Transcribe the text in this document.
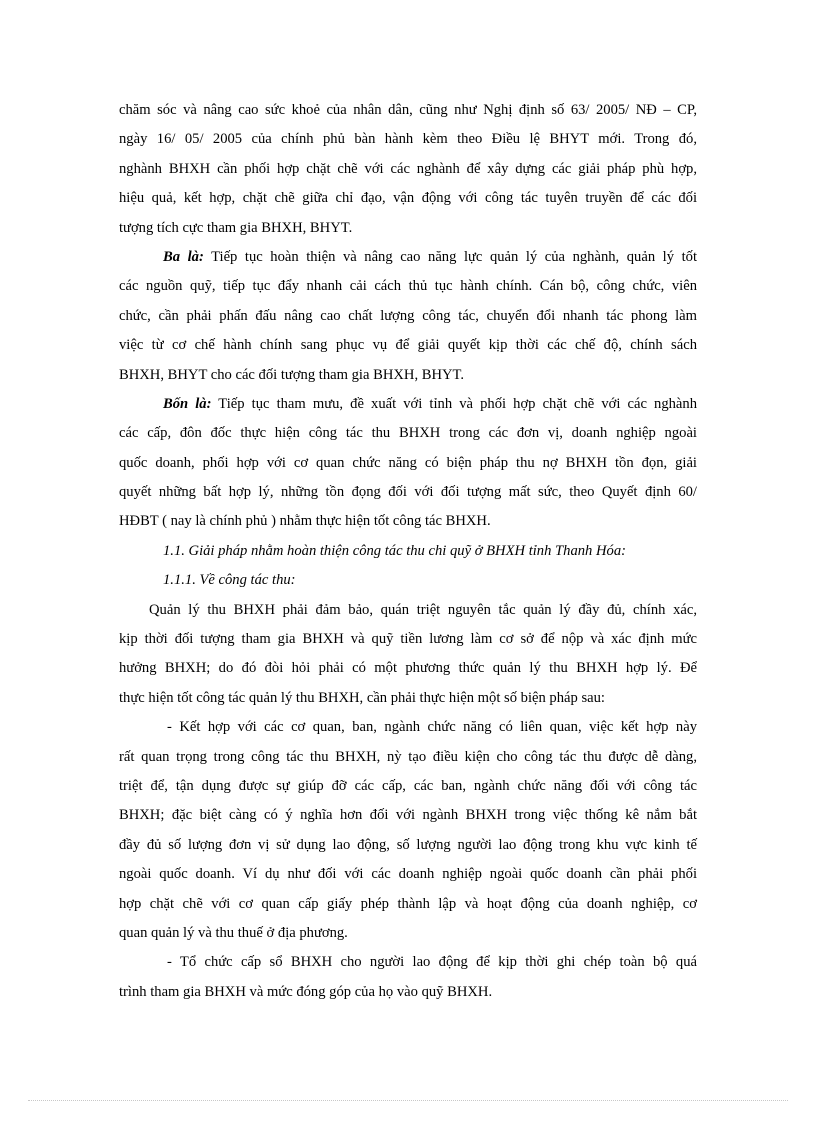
chăm sóc và nâng cao sức khoẻ của nhân dân, cũng như Nghị định số 63/ 2005/ NĐ – CP,
ngày 16/ 05/ 2005 của chính phủ bàn hành kèm theo Điều lệ BHYT mới. Trong đó,
nghành BHXH cần phối hợp chặt chẽ với các nghành để xây dựng các giải pháp phù hợp,
hiệu quả, kết hợp, chặt chẽ giữa chỉ đạo, vận động với công tác tuyên truyền để các đối
tượng tích cực tham gia BHXH, BHYT.
Ba là: Tiếp tục hoàn thiện và nâng cao năng lực quản lý của nghành, quản lý tốt
các nguồn quỹ, tiếp tục đẩy nhanh cải cách thủ tục hành chính. Cán bộ, công chức, viên
chức, cần phải phấn đấu nâng cao chất lượng công tác, chuyển đổi nhanh tác phong làm
việc từ cơ chế hành chính sang phục vụ để giải quyết kịp thời các chế độ, chính sách
BHXH, BHYT cho các đối tượng tham gia BHXH, BHYT.
Bốn là: Tiếp tục tham mưu, đề xuất với tỉnh và phối hợp chặt chẽ với các nghành
các cấp, đôn đốc thực hiện công tác thu BHXH trong các đơn vị, doanh nghiệp ngoài
quốc doanh, phối hợp với cơ quan chức năng có biện pháp thu nợ BHXH tồn đọn, giải
quyết những bất hợp lý, những tồn đọng đối với đối tượng mất sức, theo Quyết định 60/
HĐBT ( nay là chính phủ ) nhằm thực hiện tốt công tác BHXH.
1.1. Giải pháp nhằm hoàn thiện công tác thu chi quỹ ở BHXH tỉnh Thanh Hóa:
1.1.1. Về công tác thu:
Quản lý thu BHXH phải đảm bảo, quán triệt nguyên tắc quản lý đầy đủ, chính xác,
kịp thời đối tượng tham gia BHXH và quỹ tiền lương làm cơ sở để nộp và xác định mức
hưởng BHXH; do đó đòi hỏi phải có một phương thức quản lý thu BHXH hợp lý. Để
thực hiện tốt công tác quản lý thu BHXH, cần phải thực hiện một số biện pháp sau:
- Kết hợp với các cơ quan, ban, ngành chức năng có liên quan, việc kết hợp này
rất quan trọng trong công tác thu BHXH, nỳ tạo điều kiện cho công tác thu được dễ dàng,
triệt để, tận dụng được sự giúp đỡ các cấp, các ban, ngành chức năng đối với công tác
BHXH; đặc biệt càng có ý nghĩa hơn đối với ngành BHXH trong việc thống kê nắm bắt
đầy đủ số lượng đơn vị sử dụng lao động, số lượng người lao động trong khu vực kinh tế
ngoài quốc doanh. Ví dụ như đối với các doanh nghiệp ngoài quốc doanh cần phải phối
hợp chặt chẽ với cơ quan cấp giấy phép thành lập và hoạt động của doanh nghiệp, cơ
quan quản lý và thu thuế ở địa phương.
- Tổ chức cấp sổ BHXH cho người lao động để kịp thời ghi chép toàn bộ quá
trình tham gia BHXH và mức đóng góp của họ vào quỹ BHXH.
